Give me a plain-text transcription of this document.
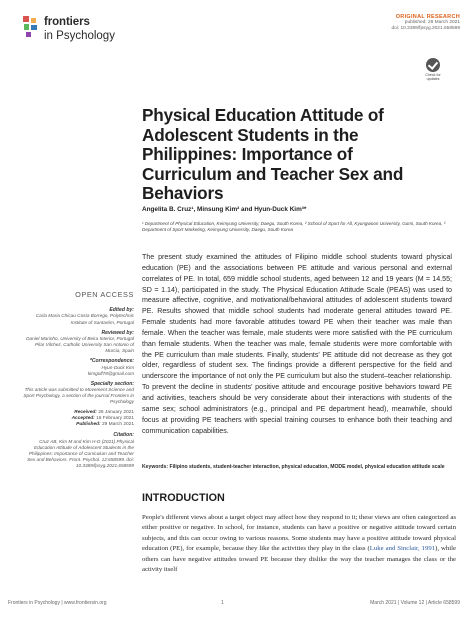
frontiers
in Psychology
ORIGINAL RESEARCH
published: 29 March 2021
doi: 10.3389/fpsyg.2021.658599
Check for updates
Physical Education Attitude of Adolescent Students in the Philippines: Importance of Curriculum and Teacher Sex and Behaviors
Angelita B. Cruz¹, Minsung Kim² and Hyun-Duck Kim³*
¹ Department of Physical Education, Keimyung University, Daegu, South Korea, ² School of Sport for All, Kyungwoon University, Gumi, South Korea, ³ Department of Sport Marketing, Keimyung University, Daegu, South Korea
The present study examined the attitudes of Filipino middle school students toward physical education (PE) and the associations between PE attitude and various personal and external correlates of PE. In total, 659 middle school students, aged between 12 and 19 years (M = 14.55; SD = 1.14), participated in the study. The Physical Education Attitude Scale (PEAS) was used to measure affective, cognitive, and motivational/behavioral attitudes of adolescent students toward PE. Results showed that middle school students had moderate general attitudes toward PE. Female students had more favorable attitudes toward PE when their teacher was male than female. When the teacher was female, male students were more satisfied with the PE curriculum than female students. When the teacher was male, female students were more comfortable with the PE curriculum than male students. Finally, students' PE attitude did not decrease as they got older, regardless of student sex. The findings provide a different perspective for the field and underscore the importance of not only the PE curriculum but also the student–teacher relationship. To prevent the decline in students' positive attitude and encourage positive behaviors toward PE and activities, teachers should be very considerate about their interactions with students of the same sex; school administrators (e.g., principal and PE department head), meanwhile, should focus at providing PE teachers with special training courses to enhance both their teaching and communication capabilities.
Keywords: Filipino students, student-teacher interaction, physical education, MODE model, physical education attitude scale
INTRODUCTION
People's different views about a target object may affect how they respond to it; these views are often categorized as either positive or negative. In school, for instance, students can have a positive or negative attitude toward certain subjects, and this can occur owing to various reasons. Some students may have a positive attitude toward physical education (PE), for example, because they like the activities they play in the class (Luke and Sinclair, 1991), while others can have negative attitudes toward PE because they dislike the way the teacher manages the class or the activity itself
OPEN ACCESS
Edited by:
Carla Maria Chicau Costa Borrego, Polytechnic Institute of Santarém, Portugal
Reviewed by:
Daniel Marinho, University of Beira Interior, Portugal
Pilar Vilchez, Catholic University San Antonio of Murcia, Spain
*Correspondence:
Hyun-Duck Kim
kimgolf78@gmail.com
Specialty section:
This article was submitted to Movement Science and Sport Psychology, a section of the journal Frontiers in Psychology
Received: 26 January 2021
Accepted: 16 February 2021
Published: 29 March 2021
Citation:
Cruz AB, Kim M and Kim H-D (2021) Physical Education Attitude of Adolescent Students in the Philippines: Importance of Curriculum and Teacher Sex and Behaviors. Front. Psychol. 12:658599. doi: 10.3389/fpsyg.2021.658599
Frontiers in Psychology | www.frontiersin.org	1	March 2021 | Volume 12 | Article 658599
